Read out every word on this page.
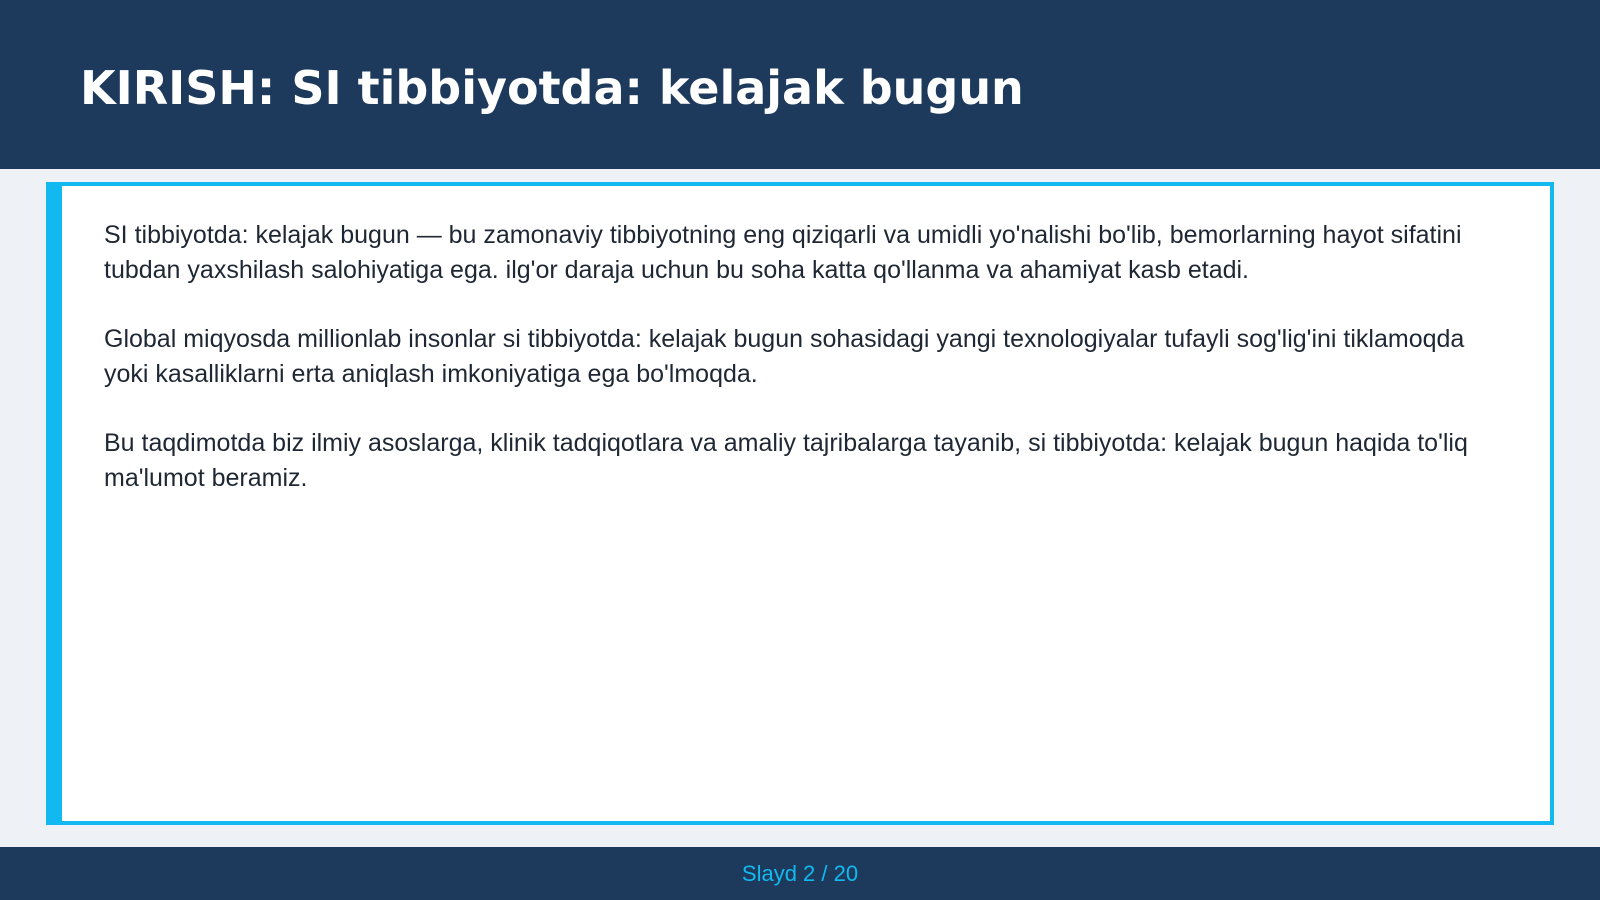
KIRISH: SI tibbiyotda: kelajak bugun

SI tibbiyotda: kelajak bugun — bu zamonaviy tibbiyotning eng qiziqarli va umidli yo'nalishi bo'lib, bemorlarning hayot sifatini tubdan yaxshilash salohiyatiga ega. ilg'or daraja uchun bu soha katta qo'llanma va ahamiyat kasb etadi.

Global miqyosda millionlab insonlar si tibbiyotda: kelajak bugun sohasidagi yangi texnologiyalar tufayli sog'lig'ini tiklamoqda yoki kasalliklarni erta aniqlash imkoniyatiga ega bo'lmoqda.

Bu taqdimotda biz ilmiy asoslarga, klinik tadqiqotlara va amaliy tajribalarga tayanib, si tibbiyotda: kelajak bugun haqida to'liq ma'lumot beramiz.

Slayd 2 / 20
